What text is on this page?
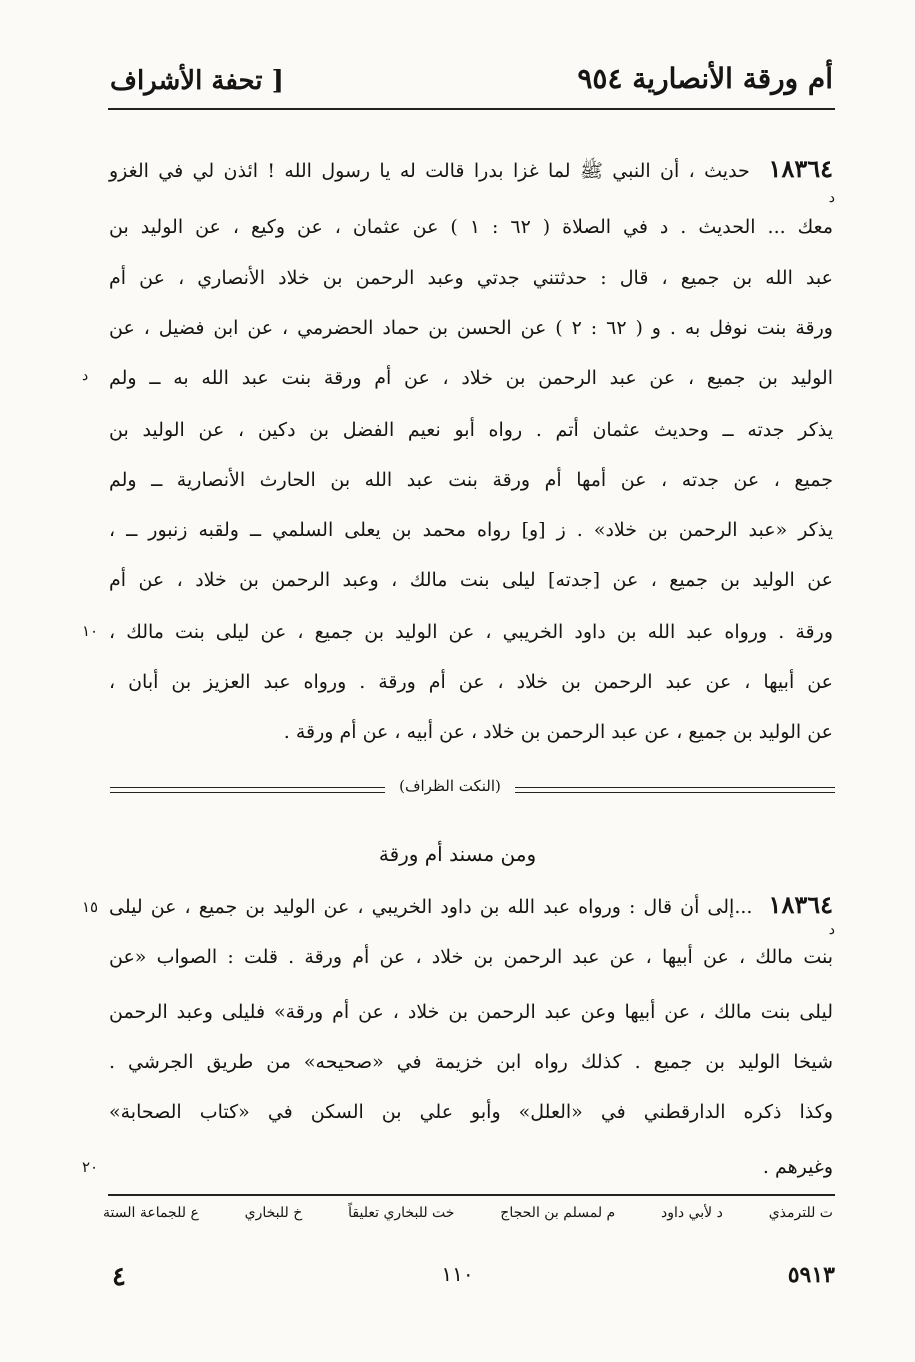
[ تحفة الأشراف	أم ورقة الأنصارية ٩٥٤
١٨٣٦٤  حديث ، أن النبي ﷺ لما غزا بدرا قالت له يا رسول الله ! ائذن لي في الغزو
د
معك ... الحديث . د في الصلاة ( ٦٢ : ١ ) عن عثمان ، عن وكيع ، عن الوليد بن
عبد الله بن جميع ، قال : حدثتني جدتي وعبد الرحمن بن خلاد الأنصاري ، عن أم
ورقة بنت نوفل به . و ( ٦٢ : ٢ ) عن الحسن بن حماد الحضرمي ، عن ابن فضيل ، عن
الوليد بن جميع ، عن عبد الرحمن بن خلاد ، عن أم ورقة بنت عبد الله به ــ ولم
د
يذكر جدته ــ وحديث عثمان أتم . رواه أبو نعيم الفضل بن دكين ، عن الوليد بن
جميع ، عن جدته ، عن أمها أم ورقة بنت عبد الله بن الحارث الأنصارية ــ ولم
يذكر «عبد الرحمن بن خلاد» . ز [و] رواه محمد بن يعلى السلمي ــ ولقبه زنبور ــ ،
عن الوليد بن جميع ، عن [جدته] ليلى بنت مالك ، وعبد الرحمن بن خلاد ، عن أم
ورقة . ورواه عبد الله بن داود الخريبي ، عن الوليد بن جميع ، عن ليلى بنت مالك ،
١٠
عن أبيها ، عن عبد الرحمن بن خلاد ، عن أم ورقة . ورواه عبد العزيز بن أبان ،
عن الوليد بن جميع ، عن عبد الرحمن بن خلاد ، عن أبيه ، عن أم ورقة .
(النكت الظراف)
ومن مسند أم ورقة
١٨٣٦٤  ...إلى أن قال : ورواه عبد الله بن داود الخريبي ، عن الوليد بن جميع ، عن ليلى
د
١٥
بنت مالك ، عن أبيها ، عن عبد الرحمن بن خلاد ، عن أم ورقة . قلت : الصواب «عن
ليلى بنت مالك ، عن أبيها وعن عبد الرحمن بن خلاد ، عن أم ورقة» فليلى وعبد الرحمن
شيخا الوليد بن جميع . كذلك رواه ابن خزيمة في «صحيحه» من طريق الجرشي .
وكذا ذكره الدارقطني في «العلل» وأبو علي بن السكن في «كتاب الصحابة»
وغيرهم .
٢٠
ع للجماعة الستة	خ للبخاري	خت للبخاري تعليقاً	م لمسلم بن الحجاج	د لأبي داود	ت للترمذي
٥٩١٣
١١٠
٤
